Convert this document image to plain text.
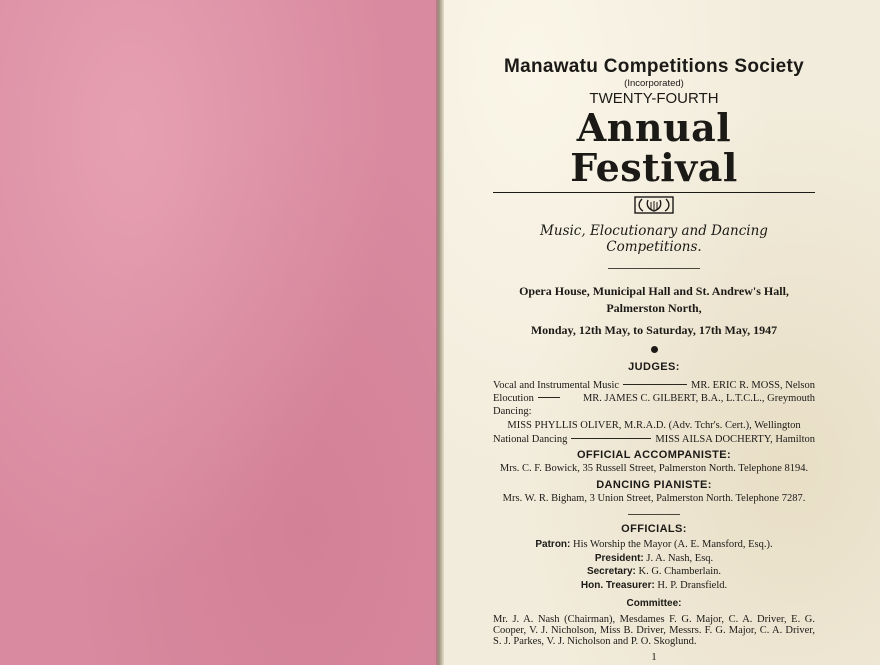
Manawatu Competitions Society

(Incorporated)

TWENTY-FOURTH

Annual Festival

Music, Elocutionary and Dancing Competitions.

Opera House, Municipal Hall and St. Andrew's Hall,

Palmerston North,

Monday, 12th May, to Saturday, 17th May, 1947

JUDGES:

Vocal and Instrumental Music	MR. ERIC R. MOSS, Nelson
Elocution	MR. JAMES C. GILBERT, B.A., L.T.C.L., Greymouth

Dancing:

MISS PHYLLIS OLIVER, M.R.A.D. (Adv. Tchr's. Cert.), Wellington

National Dancing	MISS AILSA DOCHERTY, Hamilton

OFFICIAL ACCOMPANISTE:

Mrs. C. F. Bowick, 35 Russell Street, Palmerston North. Telephone 8194.

DANCING PIANISTE:

Mrs. W. R. Bigham, 3 Union Street, Palmerston North. Telephone 7287.

OFFICIALS:

Patron: His Worship the Mayor (A. E. Mansford, Esq.).

President: J. A. Nash, Esq.

Secretary: K. G. Chamberlain.

Hon. Treasurer: H. P. Dransfield.

Committee:

Mr. J. A. Nash (Chairman), Mesdames F. G. Major, C. A. Driver, E. G. Cooper, V. J. Nicholson, Miss B. Driver, Messrs. F. G. Major, C. A. Driver, S. J. Parkes, V. J. Nicholson and P. O. Skoglund.

1
